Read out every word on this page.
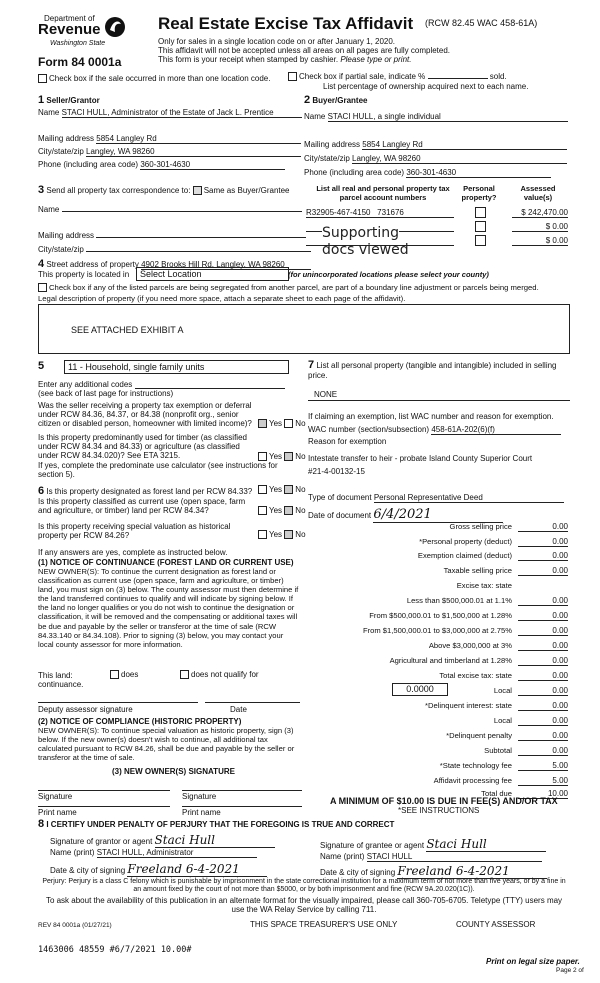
Department of
Revenue
Washington State
Form 84 0001a
Real Estate Excise Tax Affidavit (RCW 82.45 WAC 458-61A)
Only for sales in a single location code on or after January 1, 2020.
This affidavit will not be accepted unless all areas on all pages are fully completed.
This form is your receipt when stamped by cashier. Please type or print.
Check box if the sale occurred in more than one location code.	Check box if partial sale, indicate %	sold.
List percentage of ownership acquired next to each name.
1 Seller/Grantor
Name STACI HULL, Administrator of the Estate of Jack L. Prentice
Mailing address 5854 Langley Rd
City/state/zip Langley, WA 98260
Phone (including area code) 360-301-4630
2 Buyer/Grantee
Name STACI HULL, a single individual
Mailing address 5854 Langley Rd
City/state/zip Langley, WA 98260
Phone (including area code) 360-301-4630
3 Send all property tax correspondence to: Same as Buyer/Grantee
Name
Mailing address
City/state/zip
List all real and personal property tax parcel account numbers
Personal property?
Assessed value(s)
R32905-467-4150 731676	$ 242,470.00
$ 0.00
$ 0.00
Supporting
docs viewed
4 Street address of property 4902 Brooks Hill Rd, Langley, WA 98260
This property is located in	Select Location	(for unincorporated locations please select your county)
Check box if any of the listed parcels are being segregated from another parcel, are part of a boundary line adjustment or parcels being merged.
Legal description of property (if you need more space, attach a separate sheet to each page of the affidavit).
SEE ATTACHED EXHIBIT A
5	11 - Household, single family units
Enter any additional codes
(see back of last page for instructions)
Was the seller receiving a property tax exemption or deferral under RCW 84.36, 84.37, or 84.38 (nonprofit org., senior citizen or disabled person, homeowner with limited income)?	Yes No
Is this property predominantly used for timber (as classified under RCW 84.34 and 84.33) or agriculture (as classified under RCW 84.34.020)? See ETA 3215.	Yes No
If yes, complete the predominate use calculator (see instructions for section 5).
6 Is this property designated as forest land per RCW 84.33?	Yes No
Is this property classified as current use (open space, farm and agriculture, or timber) land per RCW 84.34?	Yes No
Is this property receiving special valuation as historical property per RCW 84.26?	Yes No
If any answers are yes, complete as instructed below.
(1) NOTICE OF CONTINUANCE (FOREST LAND OR CURRENT USE)
NEW OWNER(S): To continue the current designation as forest land or classification as current use (open space, farm and agriculture, or timber) land, you must sign on (3) below. The county assessor must then determine if the land transferred continues to qualify and will indicate by signing below. If the land no longer qualifies or you do not wish to continue the designation or classification, it will be removed and the compensating or additional taxes will be due and payable by the seller or transferor at the time of sale (RCW 84.33.140 or 84.34.108). Prior to signing (3) below, you may contact your local county assessor for more information.
This land:	does	does not qualify for
continuance.
Deputy assessor signature	Date
(2) NOTICE OF COMPLIANCE (HISTORIC PROPERTY)
NEW OWNER(S): To continue special valuation as historic property, sign (3) below. If the new owner(s) doesn't wish to continue, all additional tax calculated pursuant to RCW 84.26, shall be due and payable by the seller or transferor at the time of sale.
(3) NEW OWNER(S) SIGNATURE
Signature	Signature
Print name	Print name
7 List all personal property (tangible and intangible) included in selling price.
NONE
If claiming an exemption, list WAC number and reason for exemption.
WAC number (section/subsection) 458-61A-202(6)(f)
Reason for exemption
Intestate transfer to heir - probate Island County Superior Court
#21-4-00132-15
Type of document Personal Representative Deed
Date of document 6/4/2021
Gross selling price	0.00
*Personal property (deduct)	0.00
Exemption claimed (deduct)	0.00
Taxable selling price	0.00
Excise tax: state
Less than $500,000.01 at 1.1%	0.00
From $500,000.01 to $1,500,000 at 1.28%	0.00
From $1,500,000.01 to $3,000,000 at 2.75%	0.00
Above $3,000,000 at 3%	0.00
Agricultural and timberland at 1.28%	0.00
Total excise tax: state	0.00
Local	0.00
*Delinquent interest: state	0.00
Local	0.00
*Delinquent penalty	0.00
Subtotal	0.00
*State technology fee	5.00
Affidavit processing fee	5.00
Total due	10.00
0.0000
A MINIMUM OF $10.00 IS DUE IN FEE(S) AND/OR TAX
*SEE INSTRUCTIONS
8 I CERTIFY UNDER PENALTY OF PERJURY THAT THE FOREGOING IS TRUE AND CORRECT
Signature of grantor or agent Staci Hull
Name (print) STACI HULL, Administrator
Date & city of signing Freeland 6-4-2021
Signature of grantee or agent Staci Hull
Name (print) STACI HULL
Date & city of signing Freeland 6-4-2021
Perjury: Perjury is a class C felony which is punishable by imprisonment in the state correctional institution for a maximum term of not more than five years, or by a fine in an amount fixed by the court of not more than $5000, or by both imprisonment and fine (RCW 9A.20.020(1C)).
To ask about the availability of this publication in an alternate format for the visually impaired, please call 360-705-6705. Teletype (TTY) users may use the WA Relay Service by calling 711.
REV 84 0001a (01/27/21)	THIS SPACE TREASURER'S USE ONLY	COUNTY ASSESSOR
1463006 48559 #6/7/2021 10.00#
Print on legal size paper.
Page 2 of
